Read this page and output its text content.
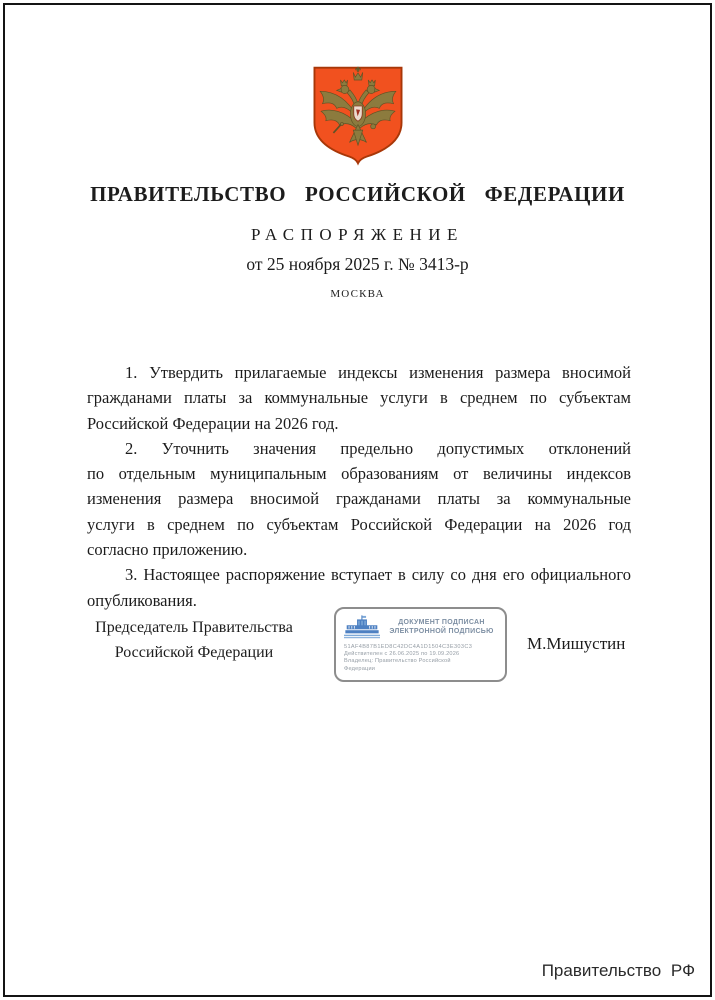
ПРАВИТЕЛЬСТВО РОССИЙСКОЙ ФЕДЕРАЦИИ
РАСПОРЯЖЕНИЕ
от 25 ноября 2025 г. № 3413-р
МОСКВА
1. Утвердить прилагаемые индексы изменения размера вносимой
гражданами платы за коммунальные услуги в среднем по субъектам
Российской Федерации на 2026 год.
2. Уточнить значения предельно допустимых отклонений
по отдельным муниципальным образованиям от величины индексов
изменения размера вносимой гражданами платы за коммунальные
услуги в среднем по субъектам Российской Федерации на 2026 год
согласно приложению.
3. Настоящее распоряжение вступает в силу со дня его официального
опубликования.
Председатель Правительства
Российской Федерации
ДОКУМЕНТ ПОДПИСАН
ЭЛЕКТРОННОЙ ПОДПИСЬЮ
51AF4B87B1ED8C42DC4A1D1504C3E303C3
Действителен с 26.06.2025 по 19.09.2026
Владелец: Правительство Российской
Федерации
М.Мишустин
Правительство РФ
